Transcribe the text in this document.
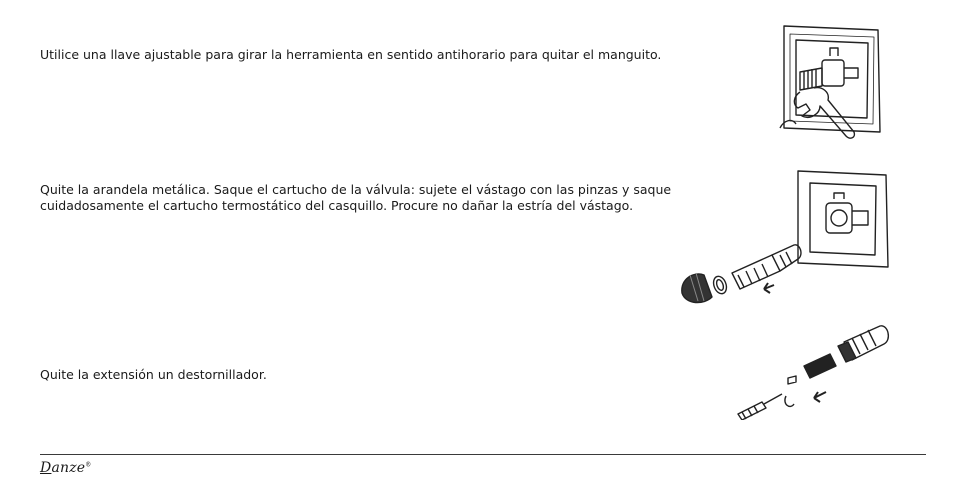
Utilice una llave ajustable para girar la herramienta en sentido antihorario para quitar el manguito.

Quite la arandela metálica. Saque el cartucho de la válvula: sujete el vástago con las pinzas y saque cuidadosamente el cartucho termostático del casquillo. Procure no dañar la estría del vástago.

Quite la extensión un destornillador.

Danze®
